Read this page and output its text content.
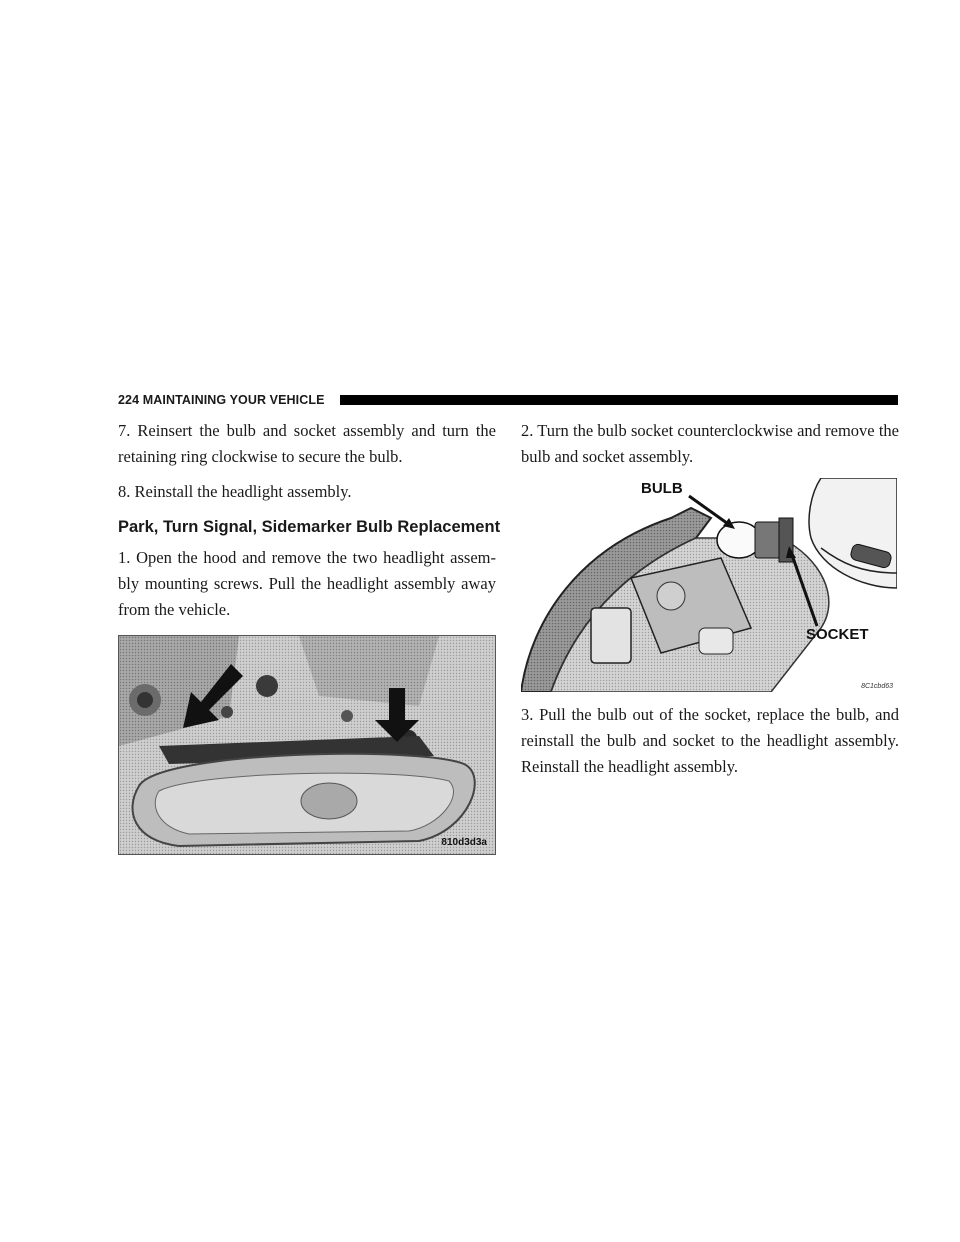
224 MAINTAINING YOUR VEHICLE

7. Reinsert the bulb and socket assembly and turn the retaining ring clockwise to secure the bulb.

8. Reinstall the headlight assembly.

Park, Turn Signal, Sidemarker Bulb Replacement

1. Open the hood and remove the two headlight assem-bly mounting screws. Pull the headlight assembly away from the vehicle.

810d3d3a

2. Turn the bulb socket counterclockwise and remove the bulb and socket assembly.

BULB
SOCKET
8C1cbd63

3. Pull the bulb out of the socket, replace the bulb, and reinstall the bulb and socket to the headlight assembly. Reinstall the headlight assembly.
